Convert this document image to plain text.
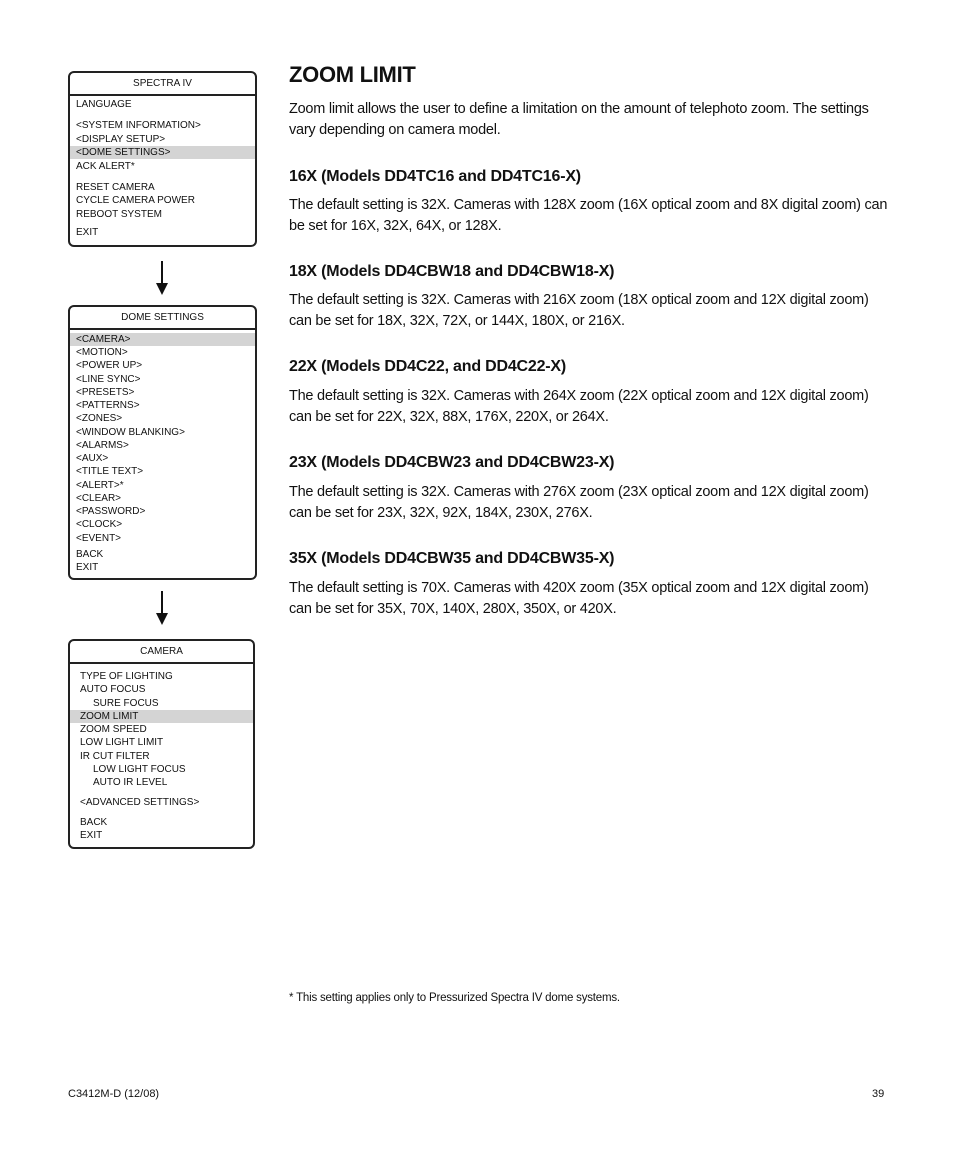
SPECTRA IV
LANGUAGE
<SYSTEM INFORMATION>
<DISPLAY SETUP>
<DOME SETTINGS>
ACK ALERT*
RESET CAMERA
CYCLE CAMERA POWER
REBOOT SYSTEM
EXIT
DOME SETTINGS
<CAMERA>
<MOTION>
<POWER UP>
<LINE SYNC>
<PRESETS>
<PATTERNS>
<ZONES>
<WINDOW BLANKING>
<ALARMS>
<AUX>
<TITLE TEXT>
<ALERT>*
<CLEAR>
<PASSWORD>
<CLOCK>
<EVENT>
BACK
EXIT
CAMERA
TYPE OF LIGHTING
AUTO FOCUS
SURE FOCUS
ZOOM LIMIT
ZOOM SPEED
LOW LIGHT LIMIT
IR CUT FILTER
LOW LIGHT FOCUS
AUTO IR LEVEL
<ADVANCED SETTINGS>
BACK
EXIT
ZOOM LIMIT

Zoom limit allows the user to define a limitation on the amount of telephoto zoom. The settings vary depending on camera model.

16X (Models DD4TC16 and DD4TC16-X)

The default setting is 32X. Cameras with 128X zoom (16X optical zoom and 8X digital zoom) can be set for 16X, 32X, 64X, or 128X.

18X (Models DD4CBW18 and DD4CBW18-X)

The default setting is 32X. Cameras with 216X zoom (18X optical zoom and 12X digital zoom) can be set for 18X, 32X, 72X, or 144X, 180X, or 216X.

22X (Models DD4C22, and DD4C22-X)

The default setting is 32X. Cameras with 264X zoom (22X optical zoom and 12X digital zoom) can be set for 22X, 32X, 88X, 176X, 220X, or 264X.

23X (Models DD4CBW23 and DD4CBW23-X)

The default setting is 32X. Cameras with 276X zoom (23X optical zoom and 12X digital zoom) can be set for 23X, 32X, 92X, 184X, 230X, 276X.

35X (Models DD4CBW35 and DD4CBW35-X)

The default setting is 70X. Cameras with 420X zoom (35X optical zoom and 12X digital zoom) can be set for 35X, 70X, 140X, 280X, 350X, or 420X.

* This setting applies only to Pressurized Spectra IV dome systems.
C3412M-D (12/08)	39
